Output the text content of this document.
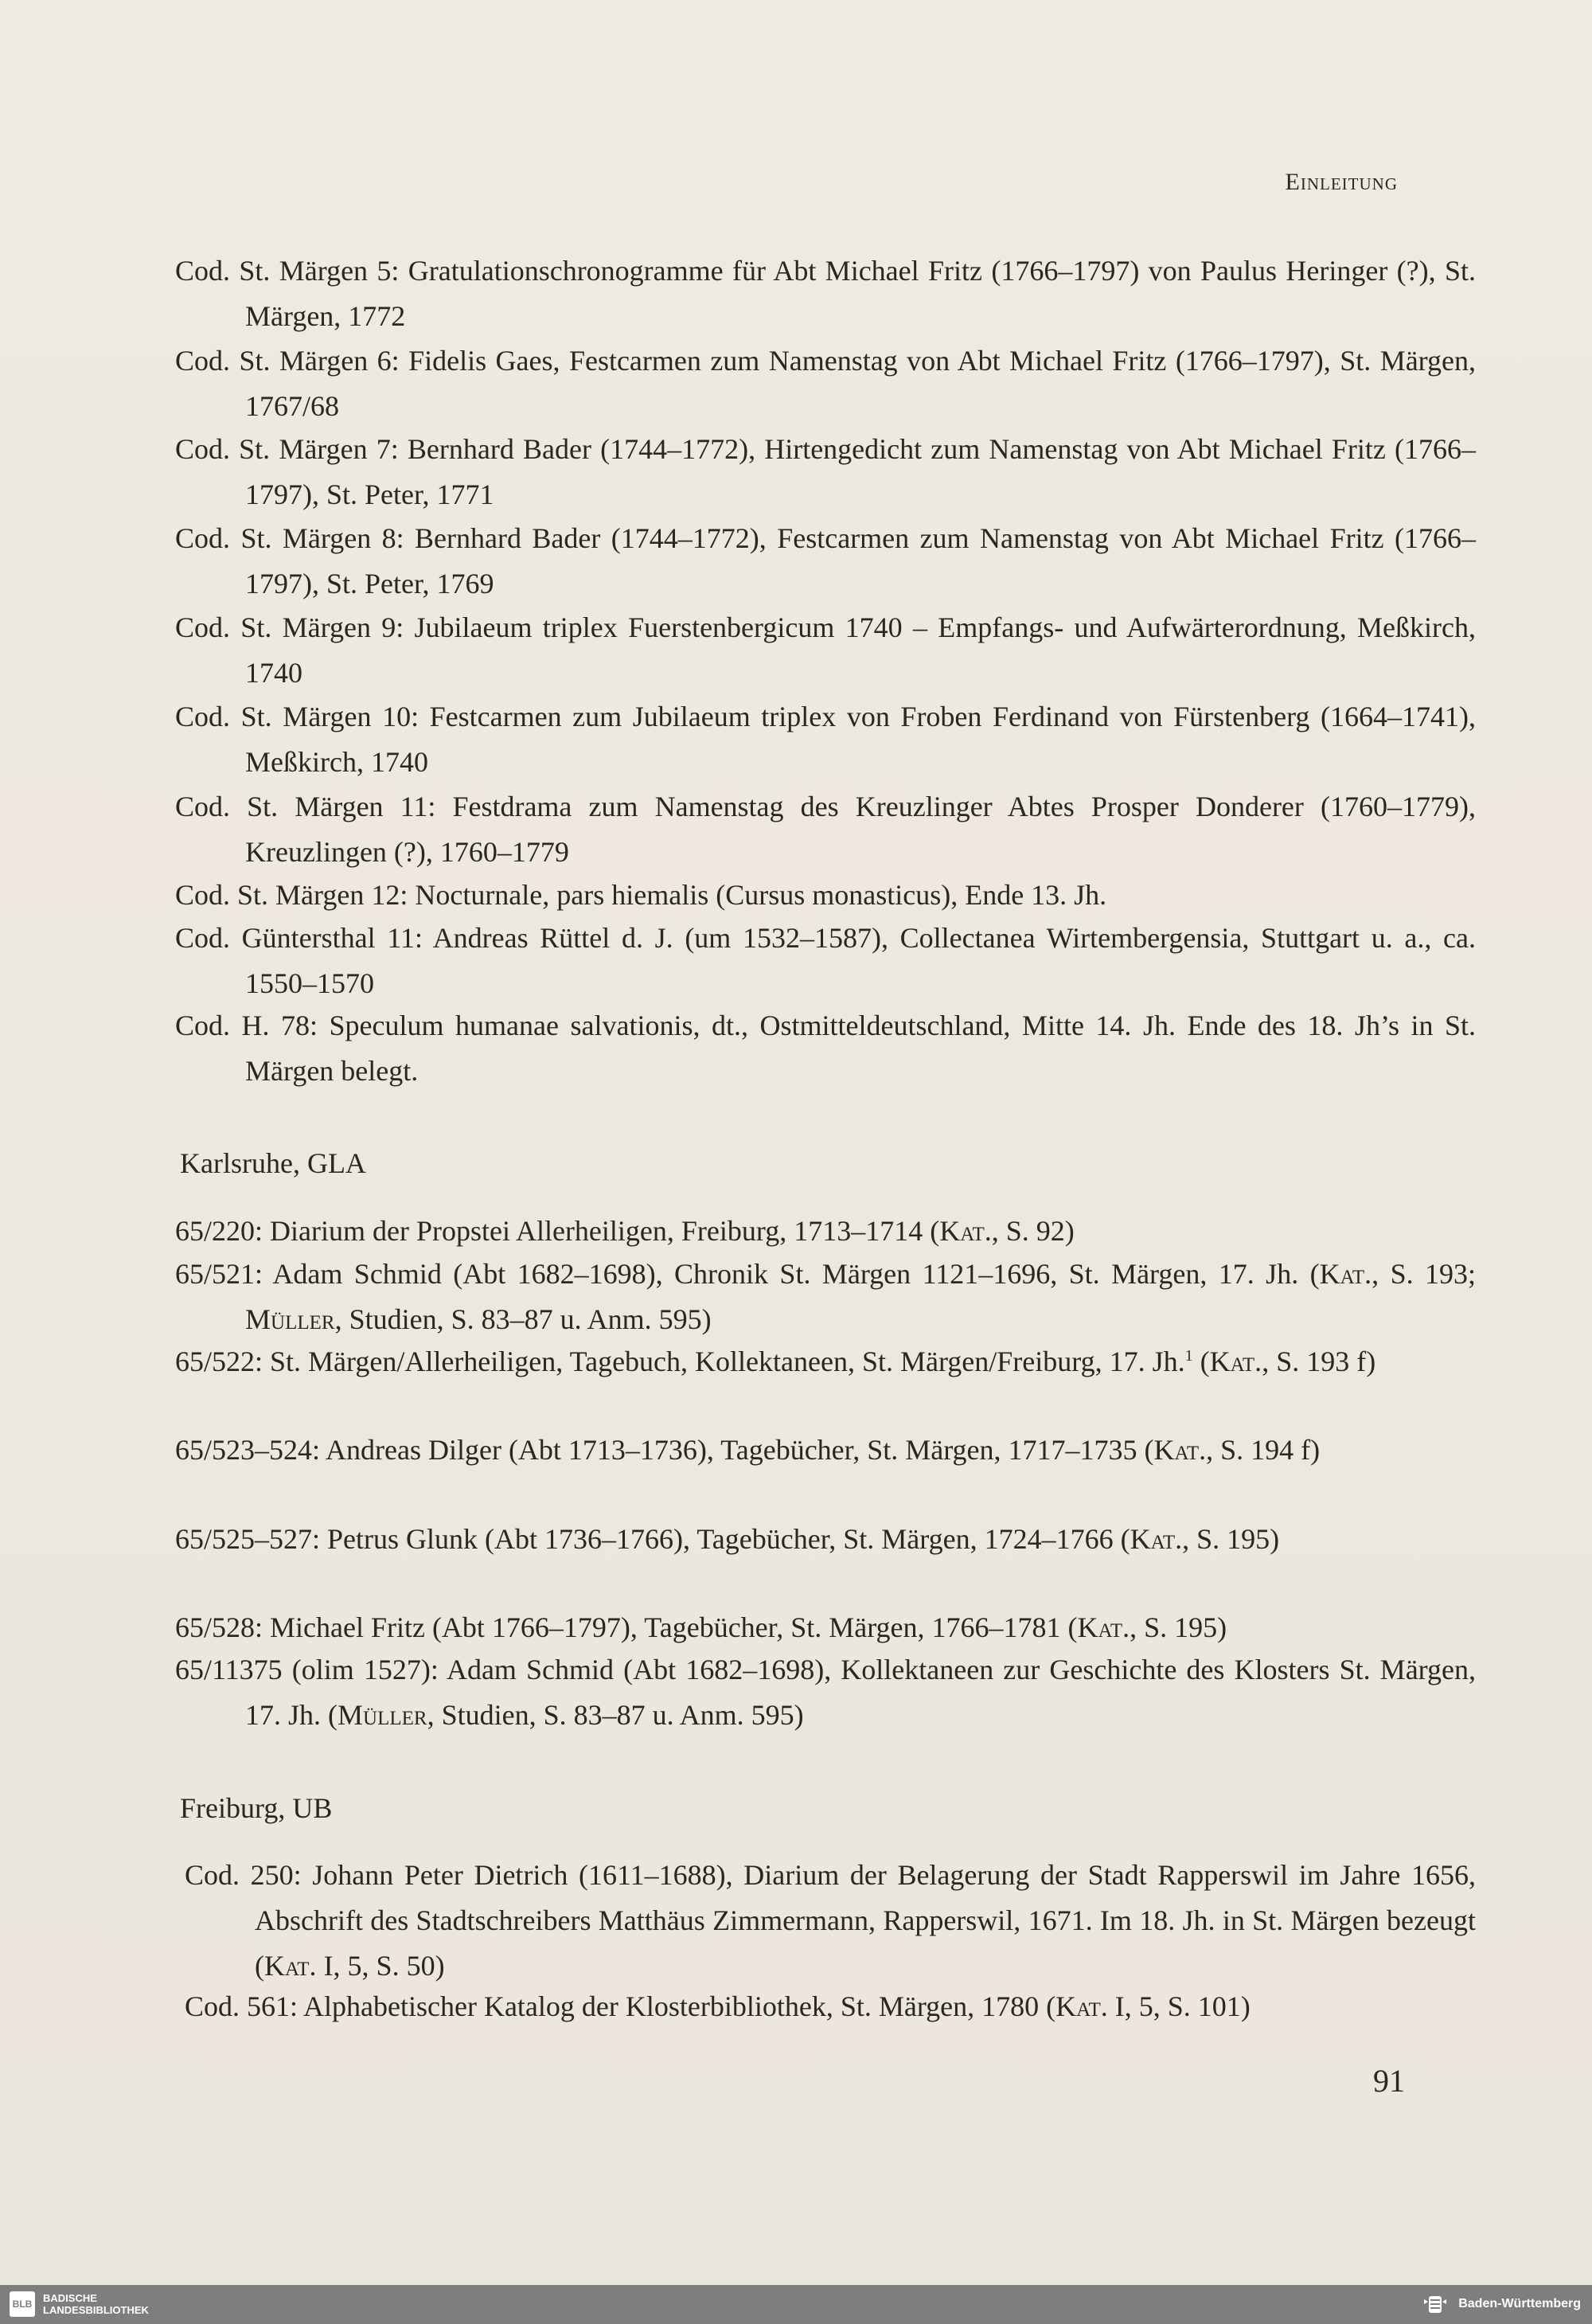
Einleitung
Cod. St. Märgen 5: Gratulationschronogramme für Abt Michael Fritz (1766–1797) von Paulus Heringer (?), St. Märgen, 1772
Cod. St. Märgen 6: Fidelis Gaes, Festcarmen zum Namenstag von Abt Michael Fritz (1766–1797), St. Märgen, 1767/68
Cod. St. Märgen 7: Bernhard Bader (1744–1772), Hirtengedicht zum Namenstag von Abt Michael Fritz (1766–1797), St. Peter, 1771
Cod. St. Märgen 8: Bernhard Bader (1744–1772), Festcarmen zum Namenstag von Abt Michael Fritz (1766–1797), St. Peter, 1769
Cod. St. Märgen 9: Jubilaeum triplex Fuerstenbergicum 1740 – Empfangs- und Aufwärterordnung, Meßkirch, 1740
Cod. St. Märgen 10: Festcarmen zum Jubilaeum triplex von Froben Ferdinand von Fürstenberg (1664–1741), Meßkirch, 1740
Cod. St. Märgen 11: Festdrama zum Namenstag des Kreuzlinger Abtes Prosper Donderer (1760–1779), Kreuzlingen (?), 1760–1779
Cod. St. Märgen 12: Nocturnale, pars hiemalis (Cursus monasticus), Ende 13. Jh.
Cod. Güntersthal 11: Andreas Rüttel d. J. (um 1532–1587), Collectanea Wirtembergensia, Stuttgart u. a., ca. 1550–1570
Cod. H. 78: Speculum humanae salvationis, dt., Ostmitteldeutschland, Mitte 14. Jh. Ende des 18. Jh’s in St. Märgen belegt.
Karlsruhe, GLA
65/220: Diarium der Propstei Allerheiligen, Freiburg, 1713–1714 (Kat., S. 92)
65/521: Adam Schmid (Abt 1682–1698), Chronik St. Märgen 1121–1696, St. Märgen, 17. Jh. (Kat., S. 193; Müller, Studien, S. 83–87 u. Anm. 595)
65/522: St. Märgen/Allerheiligen, Tagebuch, Kollektaneen, St. Märgen/Freiburg, 17. Jh.$^1$ (Kat., S. 193 f)
65/523–524: Andreas Dilger (Abt 1713–1736), Tagebücher, St. Märgen, 1717–1735 (Kat., S. 194 f)
65/525–527: Petrus Glunk (Abt 1736–1766), Tagebücher, St. Märgen, 1724–1766 (Kat., S. 195)
65/528: Michael Fritz (Abt 1766–1797), Tagebücher, St. Märgen, 1766–1781 (Kat., S. 195)
65/11375 (olim 1527): Adam Schmid (Abt 1682–1698), Kollektaneen zur Geschichte des Klosters St. Märgen, 17. Jh. (Müller, Studien, S. 83–87 u. Anm. 595)
Freiburg, UB
Cod. 250: Johann Peter Dietrich (1611–1688), Diarium der Belagerung der Stadt Rapperswil im Jahre 1656, Abschrift des Stadtschreibers Matthäus Zimmermann, Rapperswil, 1671. Im 18. Jh. in St. Märgen bezeugt (Kat. I, 5, S. 50)
Cod. 561: Alphabetischer Katalog der Klosterbibliothek, St. Märgen, 1780 (Kat. I, 5, S. 101)
91
BLB BADISCHE
LANDESBIBLIOTHEK	Baden-Württemberg
